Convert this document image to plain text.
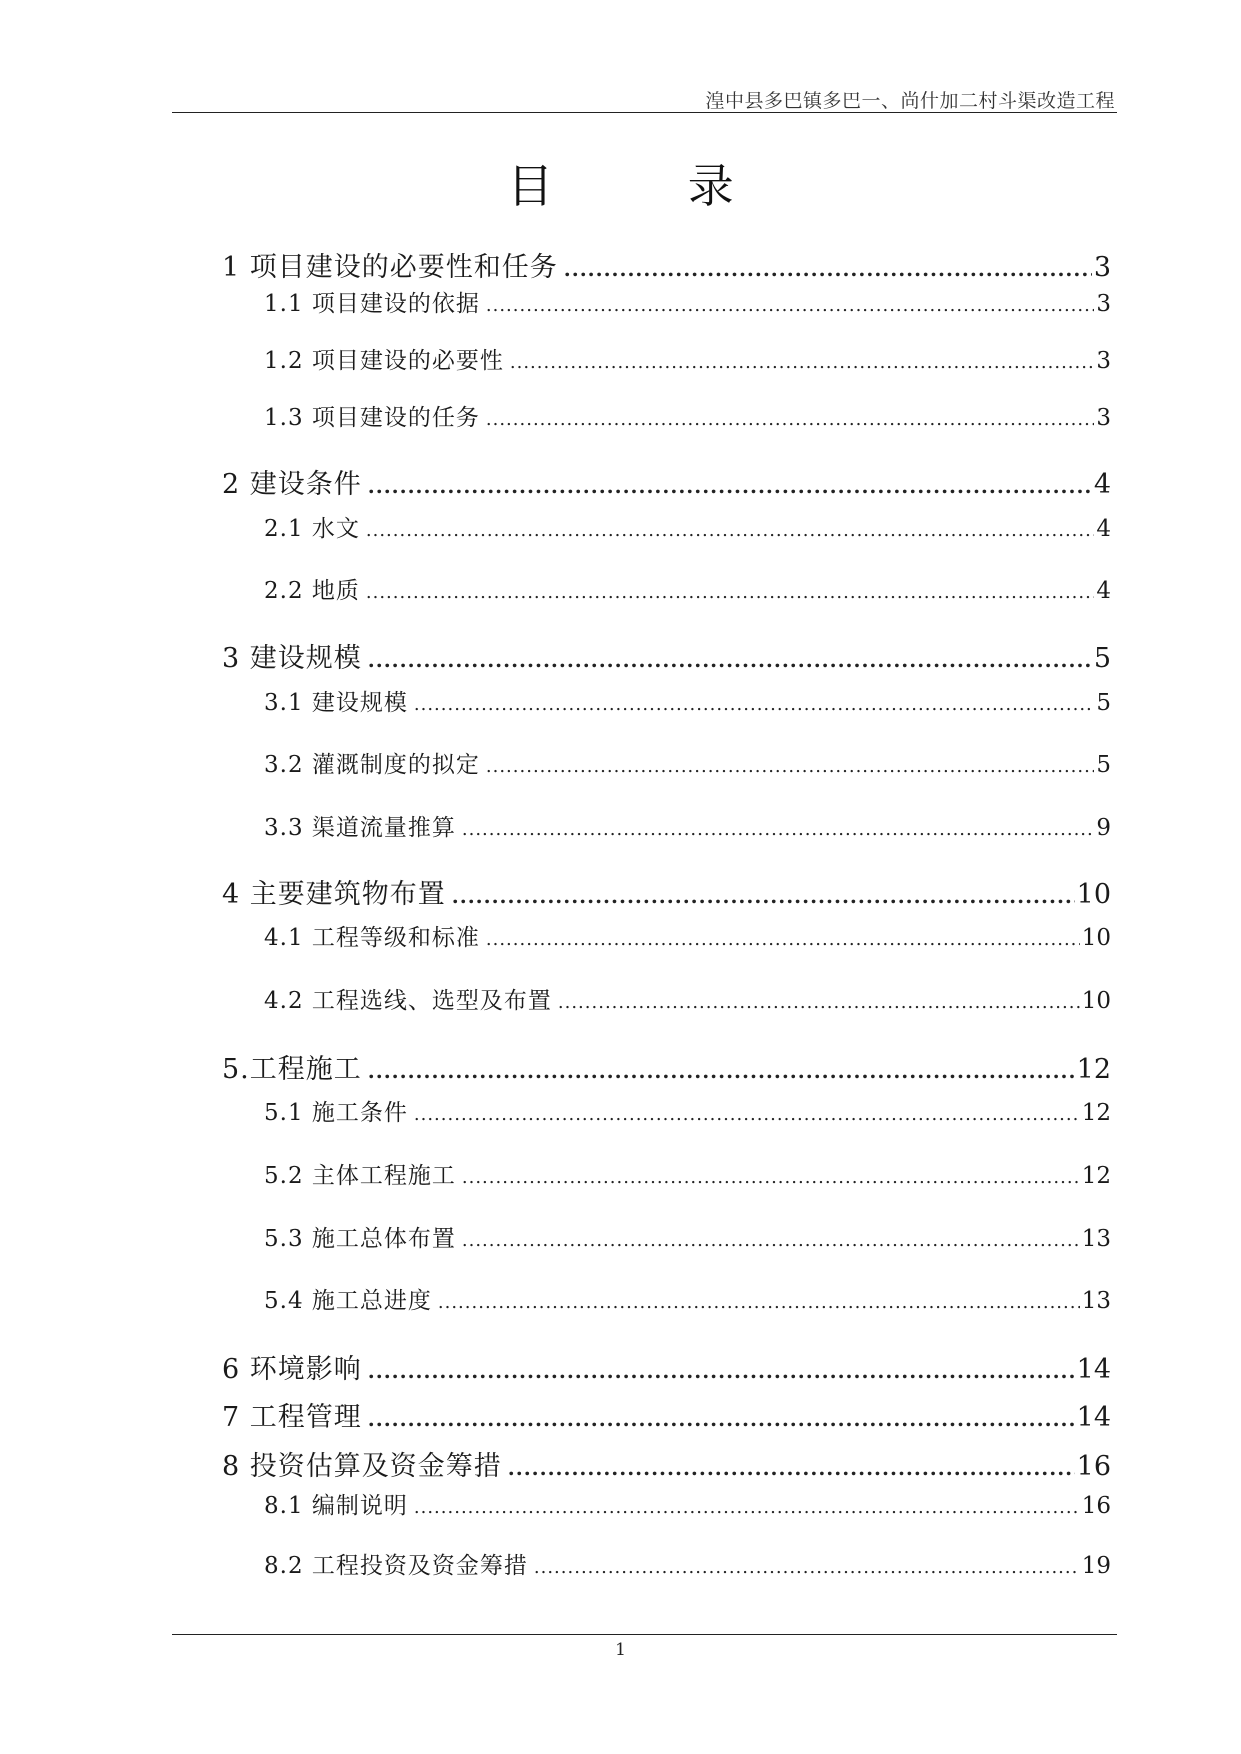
湟中县多巴镇多巴一、尚什加二村斗渠改造工程
目 录
1 项目建设的必要性和任务 .....	3
1.1 项目建设的依据 .....	3
1.2 项目建设的必要性 .....	3
1.3 项目建设的任务 .....	3
2 建设条件 .....	4
2.1 水文 .....	4
2.2 地质 .....	4
3 建设规模 .....	5
3.1 建设规模 .....	5
3.2 灌溉制度的拟定 .....	5
3.3 渠道流量推算 .....	9
4 主要建筑物布置 .....	10
4.1 工程等级和标准 .....	10
4.2 工程选线、选型及布置 .....	10
5.工程施工 .....	12
5.1 施工条件 .....	12
5.2 主体工程施工 .....	12
5.3 施工总体布置 .....	13
5.4 施工总进度 .....	13
6 环境影响 .....	14
7 工程管理 .....	14
8 投资估算及资金筹措 .....	16
8.1 编制说明 .....	16
8.2 工程投资及资金筹措 .....	19
1
